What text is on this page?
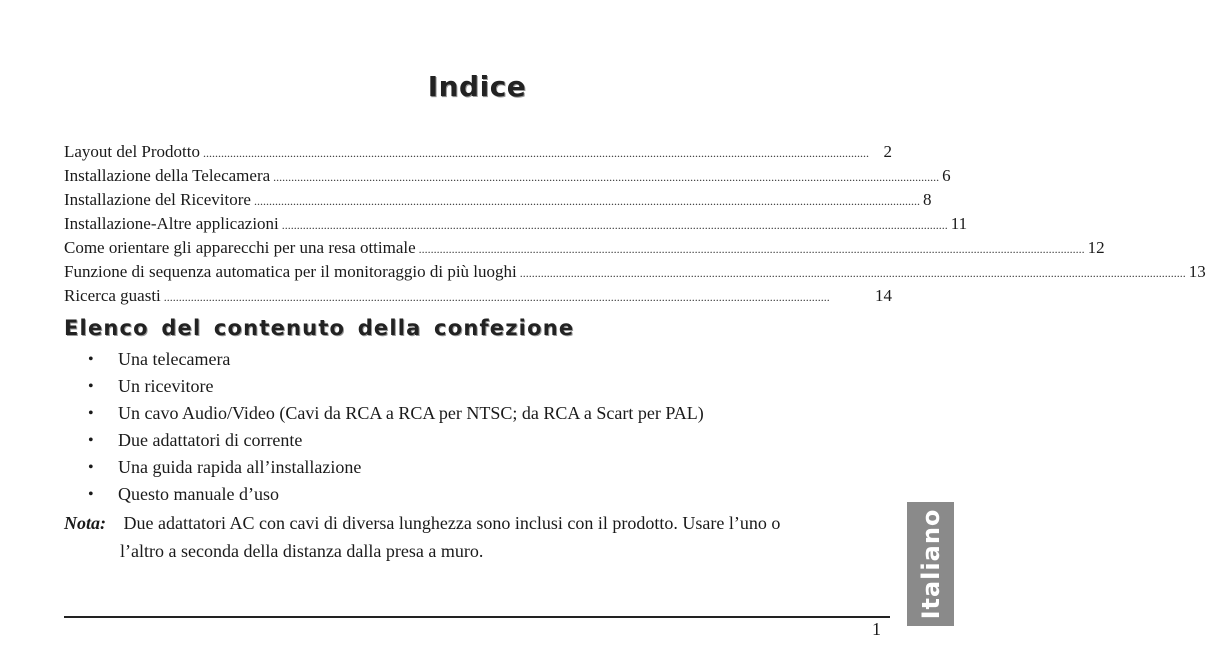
Indice
Layout del Prodotto .............................................................................................................................................................................................................................. 2
Installazione della Telecamera .............................................................................................................................................................................................................................. 6
Installazione del Ricevitore .............................................................................................................................................................................................................................. 8
Installazione-Altre applicazioni .............................................................................................................................................................................................................................. 11
Come orientare gli apparecchi per una resa ottimale .............................................................................................................................................................................................................................. 12
Funzione di sequenza automatica per il monitoraggio di più luoghi .............................................................................................................................................................................................................................. 13
Ricerca guasti ..............................................................................................................................................................................................................................	14
Elenco del contenuto della confezione
•	Una telecamera
•	Un ricevitore
•	Un cavo Audio/Video (Cavi da RCA a RCA per NTSC; da RCA a Scart per PAL)
•	Due adattatori di corrente
•	Una guida rapida all’installazione
•	Questo manuale d’uso
Nota: Due adattatori AC con cavi di diversa lunghezza sono inclusi con il prodotto. Usare l’uno o
l’altro a seconda della distanza dalla presa a muro.
1
Italiano
